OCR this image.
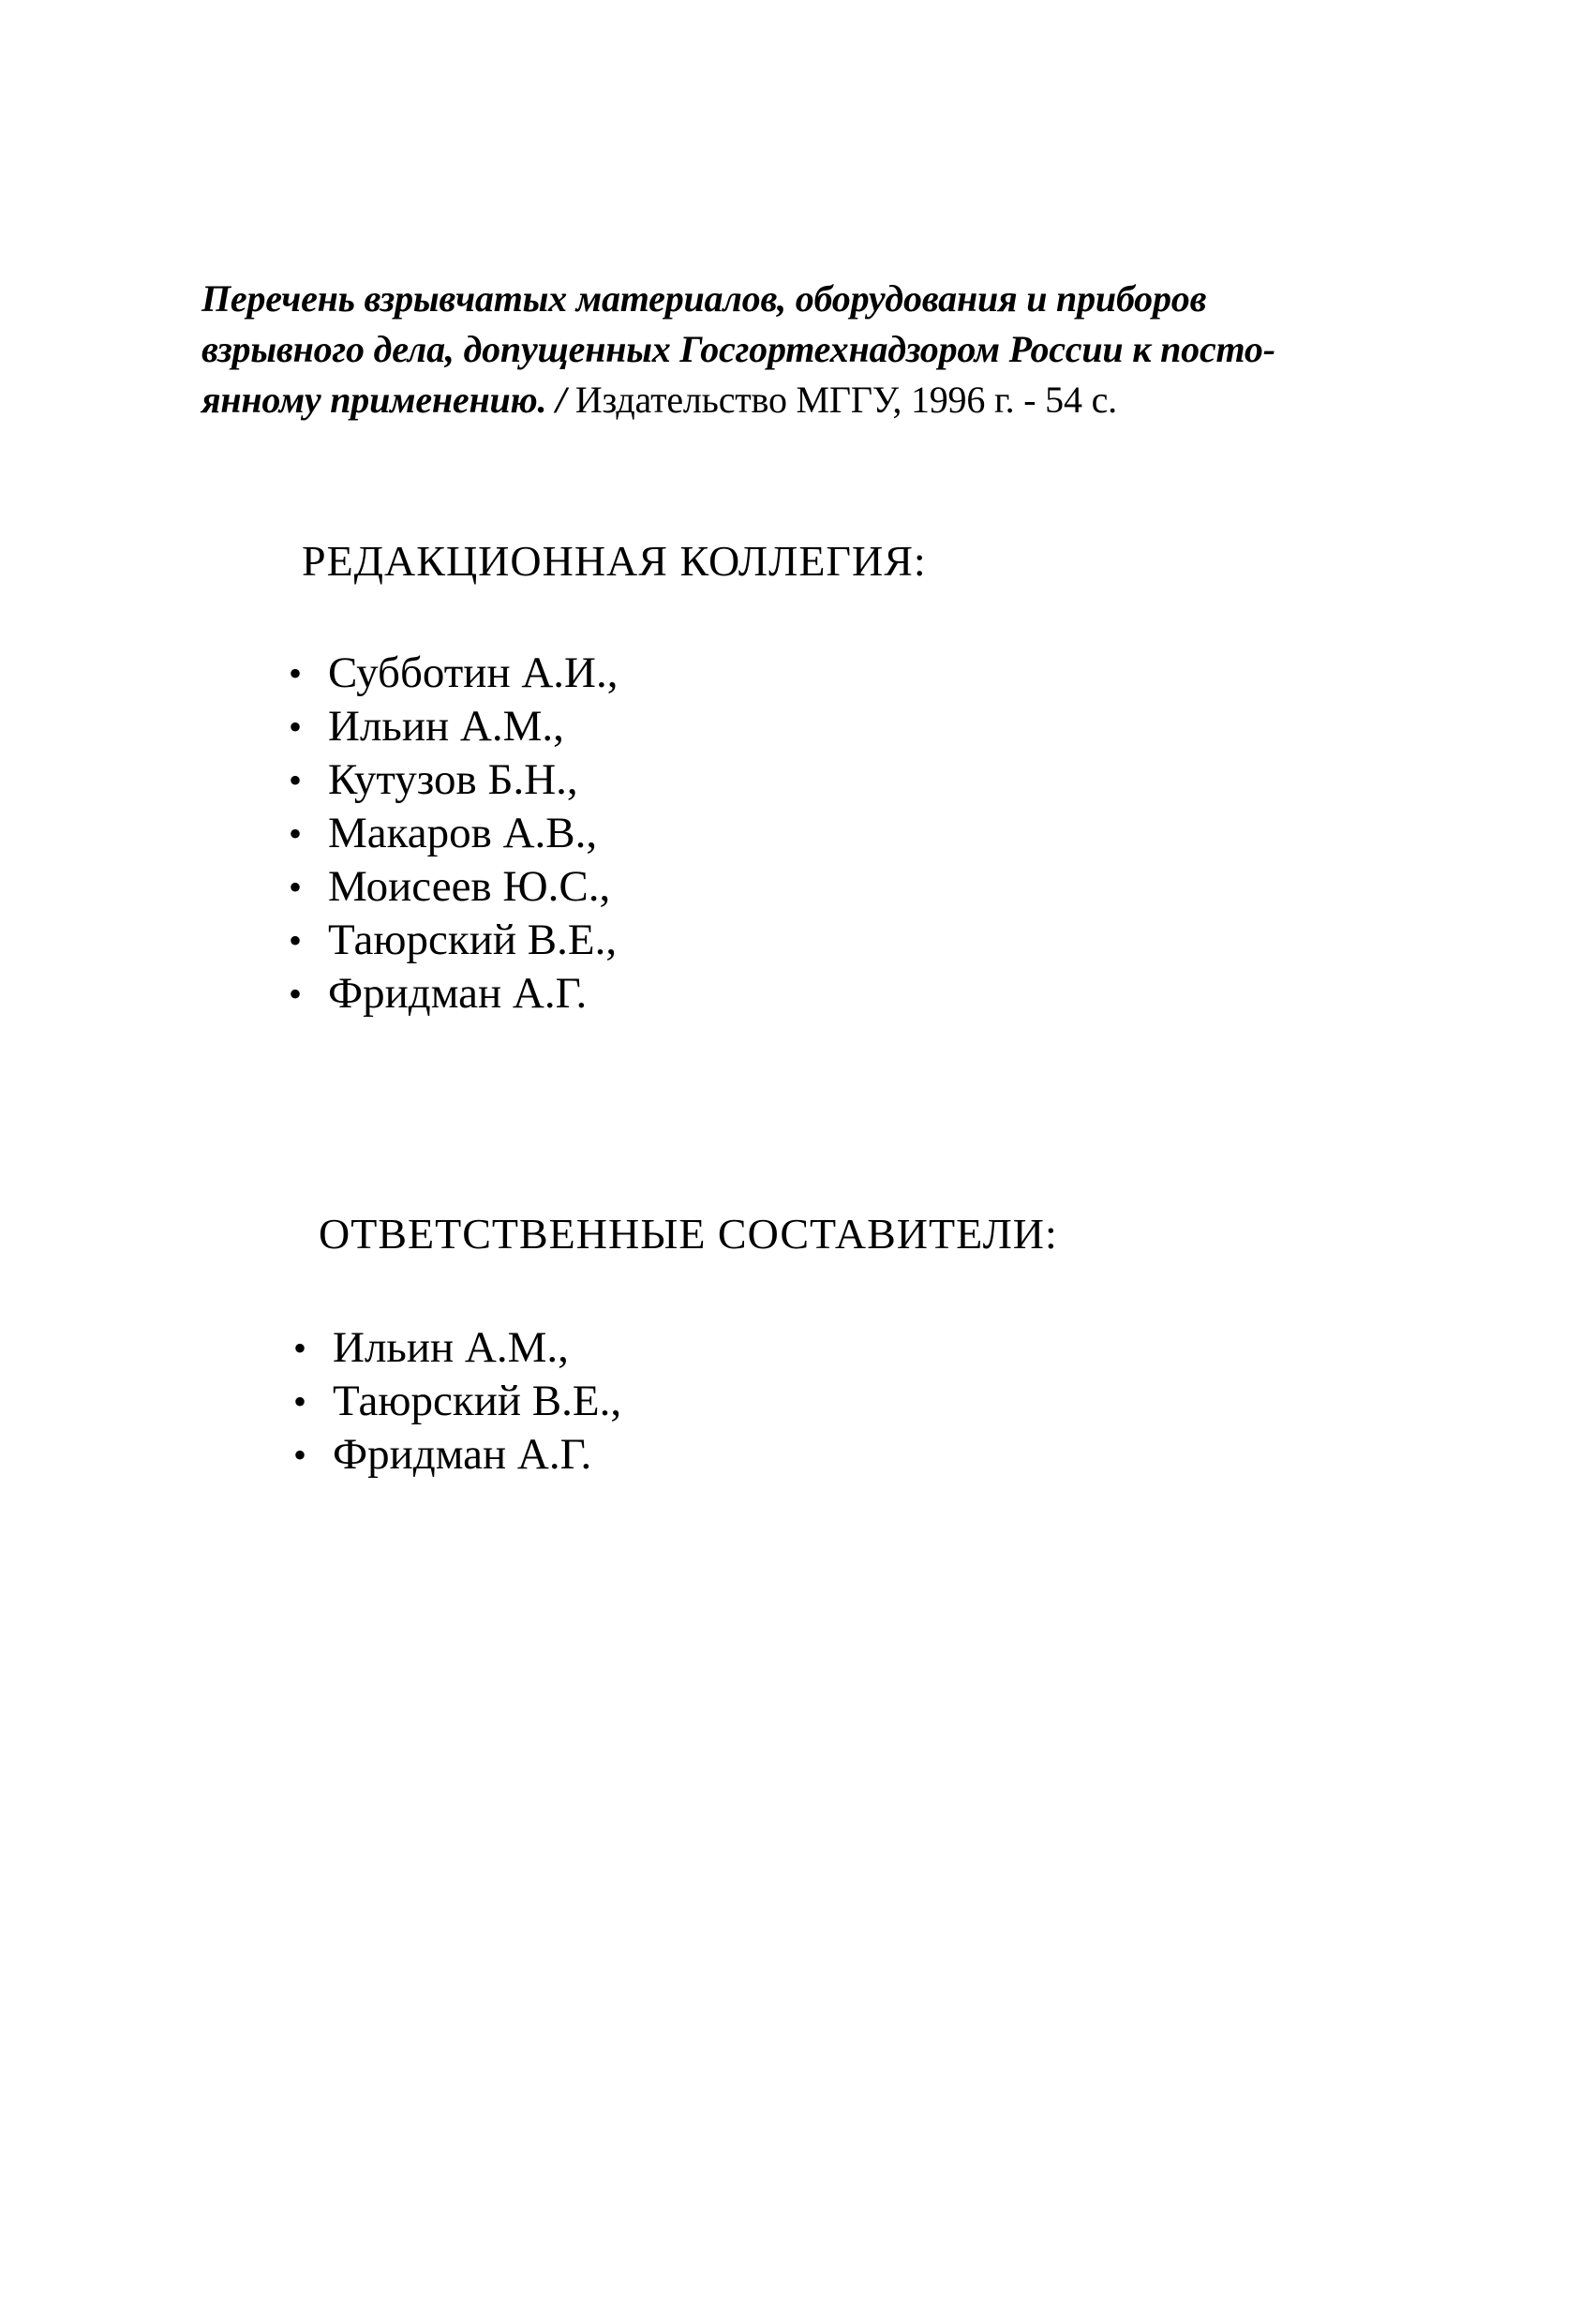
Перечень взрывчатых материалов, оборудования и приборов
взрывного дела, допущенных Госгортехнадзором России к посто-
янному применению. / Издательство МГГУ, 1996 г. - 54 с.
РЕДАКЦИОННАЯ КОЛЛЕГИЯ:
• Субботин А.И.,
• Ильин А.М.,
• Кутузов Б.Н.,
• Макаров А.В.,
• Моисеев Ю.С.,
• Таюрский В.Е.,
• Фридман А.Г.
ОТВЕТСТВЕННЫЕ СОСТАВИТЕЛИ:
• Ильин А.М.,
• Таюрский В.Е.,
• Фридман А.Г.
